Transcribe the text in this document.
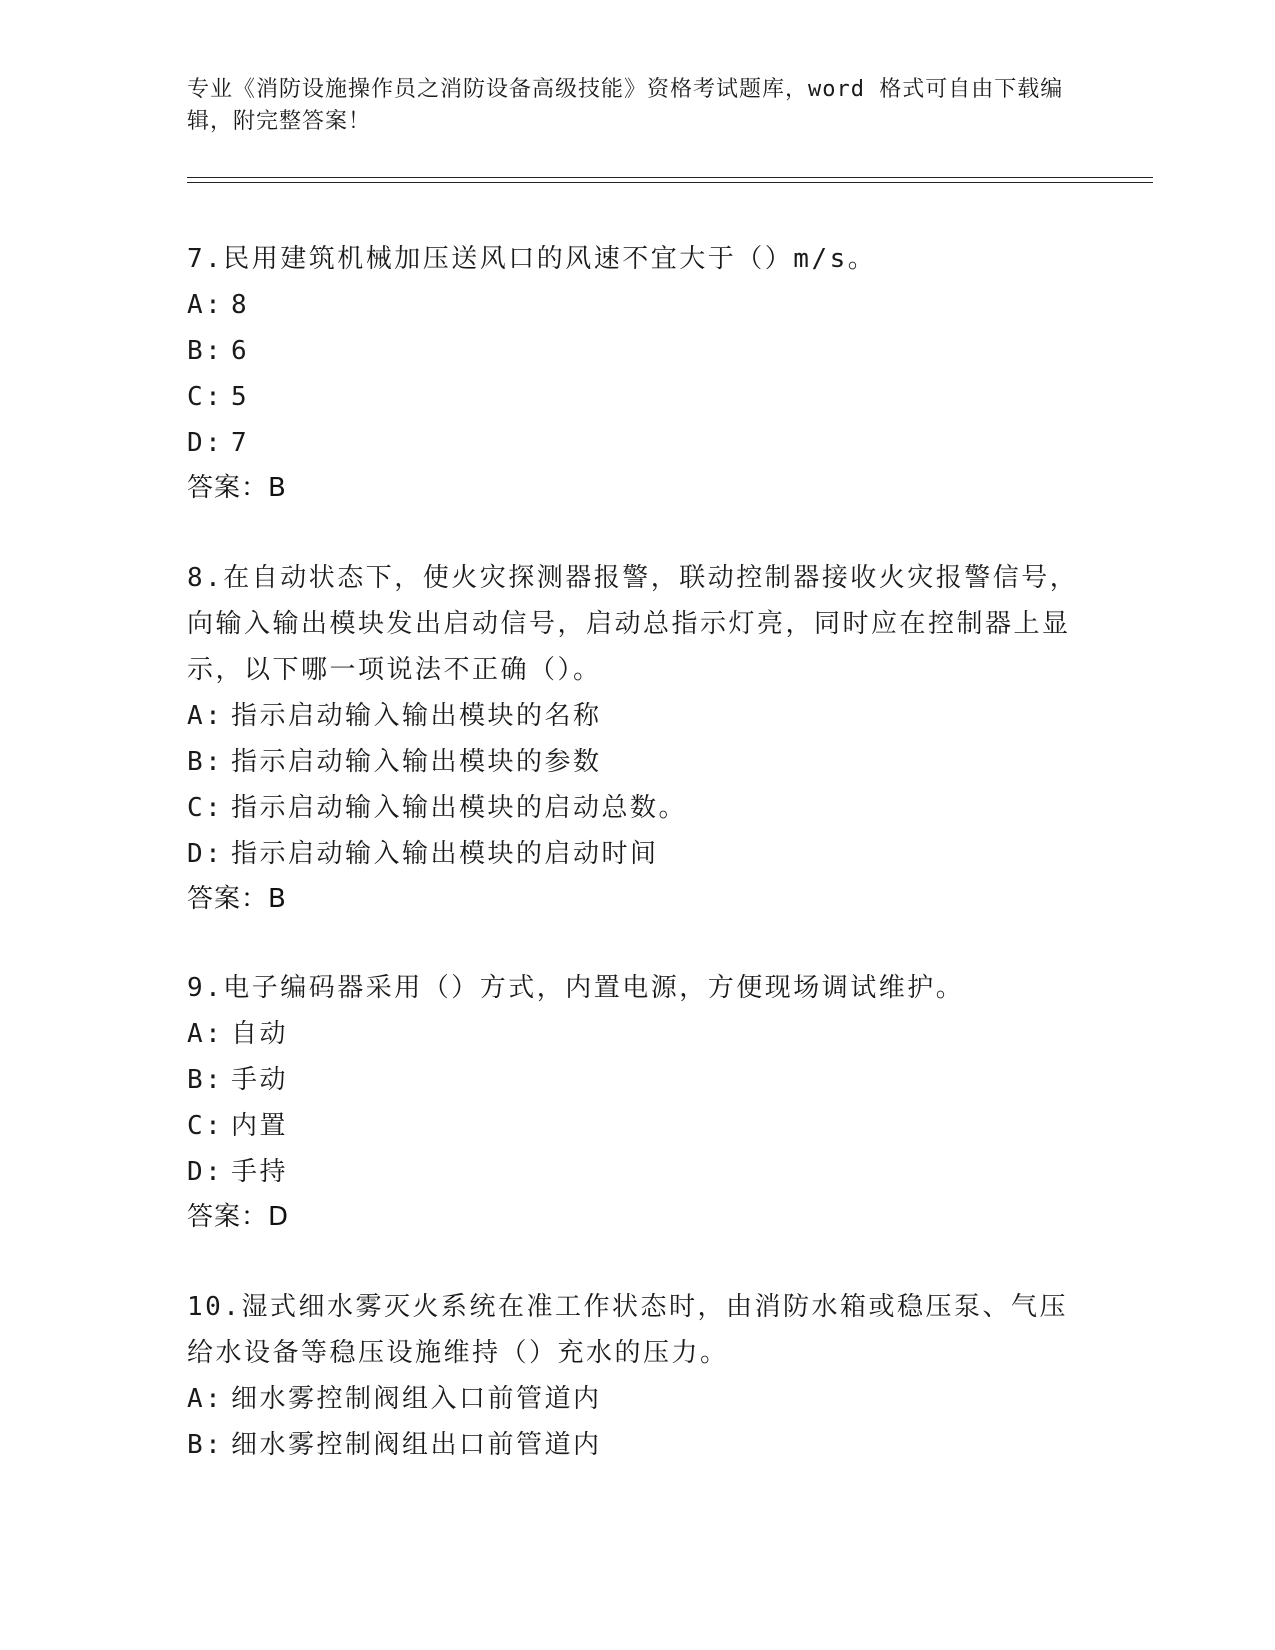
专业《消防设施操作员之消防设备高级技能》资格考试题库，word 格式可自由下载编辑，附完整答案！
7.民用建筑机械加压送风口的风速不宜大于（）m/s。
A: 8
B: 6
C: 5
D: 7
答案：B
8.在自动状态下，使火灾探测器报警，联动控制器接收火灾报警信号，向输入输出模块发出启动信号，启动总指示灯亮，同时应在控制器上显示，以下哪一项说法不正确（）。
A: 指示启动输入输出模块的名称
B: 指示启动输入输出模块的参数
C: 指示启动输入输出模块的启动总数。
D: 指示启动输入输出模块的启动时间
答案：B
9.电子编码器采用（）方式，内置电源，方便现场调试维护。
A: 自动
B: 手动
C: 内置
D: 手持
答案：D
10.湿式细水雾灭火系统在准工作状态时，由消防水箱或稳压泵、气压给水设备等稳压设施维持（）充水的压力。
A: 细水雾控制阀组入口前管道内
B: 细水雾控制阀组出口前管道内
